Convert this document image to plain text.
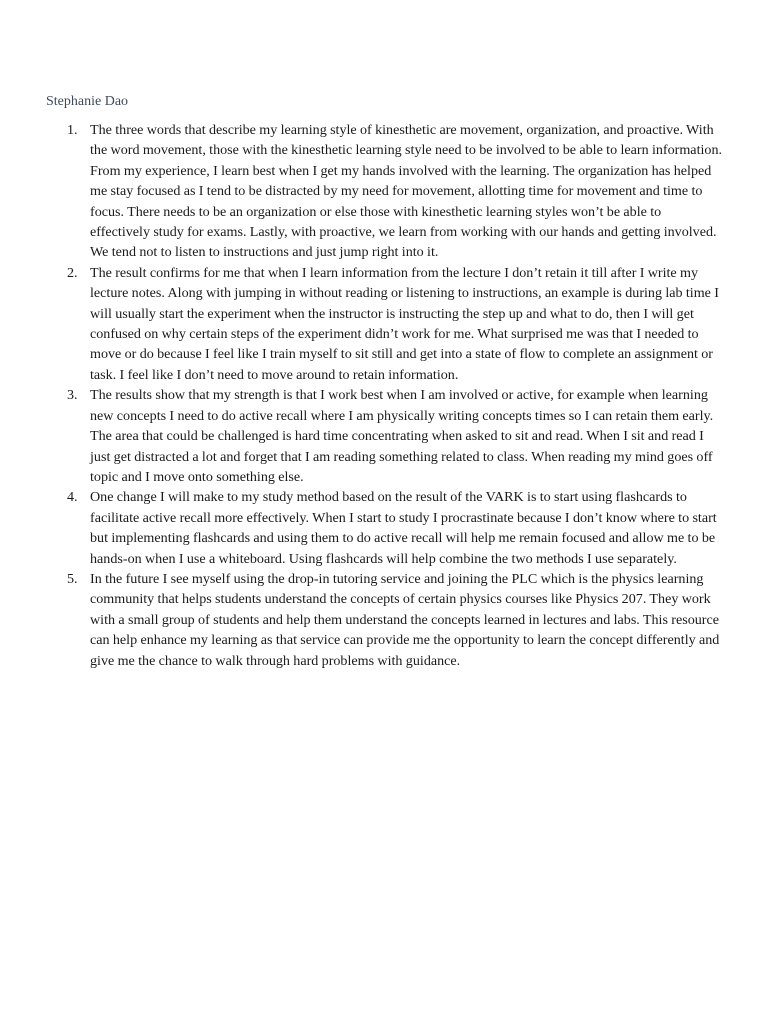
Stephanie Dao
1. The three words that describe my learning style of kinesthetic are movement, organization, and proactive. With the word movement, those with the kinesthetic learning style need to be involved to be able to learn information. From my experience, I learn best when I get my hands involved with the learning. The organization has helped me stay focused as I tend to be distracted by my need for movement, allotting time for movement and time to focus. There needs to be an organization or else those with kinesthetic learning styles won’t be able to effectively study for exams. Lastly, with proactive, we learn from working with our hands and getting involved. We tend not to listen to instructions and just jump right into it.
2. The result confirms for me that when I learn information from the lecture I don’t retain it till after I write my lecture notes. Along with jumping in without reading or listening to instructions, an example is during lab time I will usually start the experiment when the instructor is instructing the step up and what to do, then I will get confused on why certain steps of the experiment didn’t work for me. What surprised me was that I needed to move or do because I feel like I train myself to sit still and get into a state of flow to complete an assignment or task. I feel like I don’t need to move around to retain information.
3. The results show that my strength is that I work best when I am involved or active, for example when learning new concepts I need to do active recall where I am physically writing concepts times so I can retain them early. The area that could be challenged is hard time concentrating when asked to sit and read. When I sit and read I just get distracted a lot and forget that I am reading something related to class. When reading my mind goes off topic and I move onto something else.
4. One change I will make to my study method based on the result of the VARK is to start using flashcards to facilitate active recall more effectively. When I start to study I procrastinate because I don’t know where to start but implementing flashcards and using them to do active recall will help me remain focused and allow me to be hands-on when I use a whiteboard. Using flashcards will help combine the two methods I use separately.
5. In the future I see myself using the drop-in tutoring service and joining the PLC which is the physics learning community that helps students understand the concepts of certain physics courses like Physics 207. They work with a small group of students and help them understand the concepts learned in lectures and labs. This resource can help enhance my learning as that service can provide me the opportunity to learn the concept differently and give me the chance to walk through hard problems with guidance.
